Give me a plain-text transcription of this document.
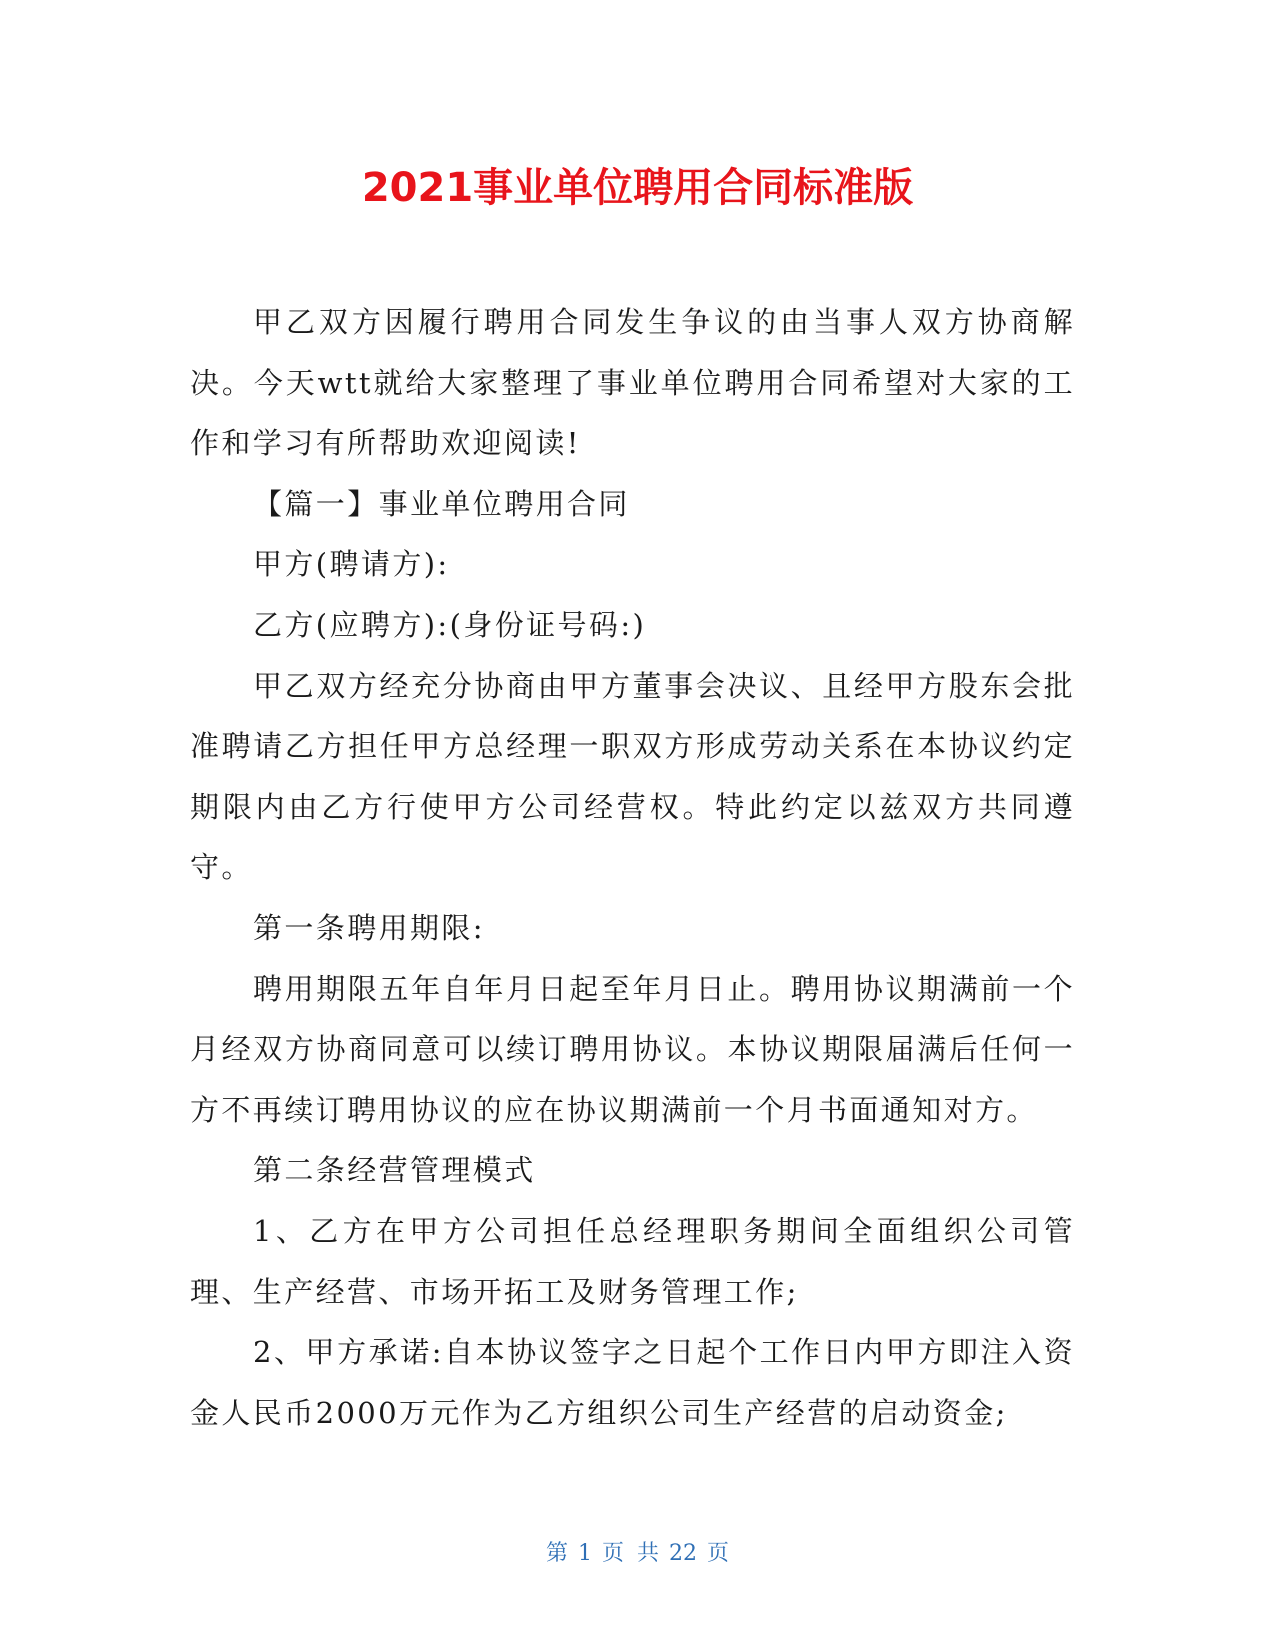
2021事业单位聘用合同标准版

甲乙双方因履行聘用合同发生争议的由当事人双方协商解决。今天wtt就给大家整理了事业单位聘用合同希望对大家的工作和学习有所帮助欢迎阅读!

【篇一】事业单位聘用合同

甲方(聘请方):

乙方(应聘方):(身份证号码:)

甲乙双方经充分协商由甲方董事会决议、且经甲方股东会批准聘请乙方担任甲方总经理一职双方形成劳动关系在本协议约定期限内由乙方行使甲方公司经营权。特此约定以兹双方共同遵守。

第一条聘用期限:

聘用期限五年自年月日起至年月日止。聘用协议期满前一个月经双方协商同意可以续订聘用协议。本协议期限届满后任何一方不再续订聘用协议的应在协议期满前一个月书面通知对方。

第二条经营管理模式

1、乙方在甲方公司担任总经理职务期间全面组织公司管理、生产经营、市场开拓工及财务管理工作;

2、甲方承诺:自本协议签字之日起个工作日内甲方即注入资金人民币2000万元作为乙方组织公司生产经营的启动资金;

第 1 页 共 22 页
